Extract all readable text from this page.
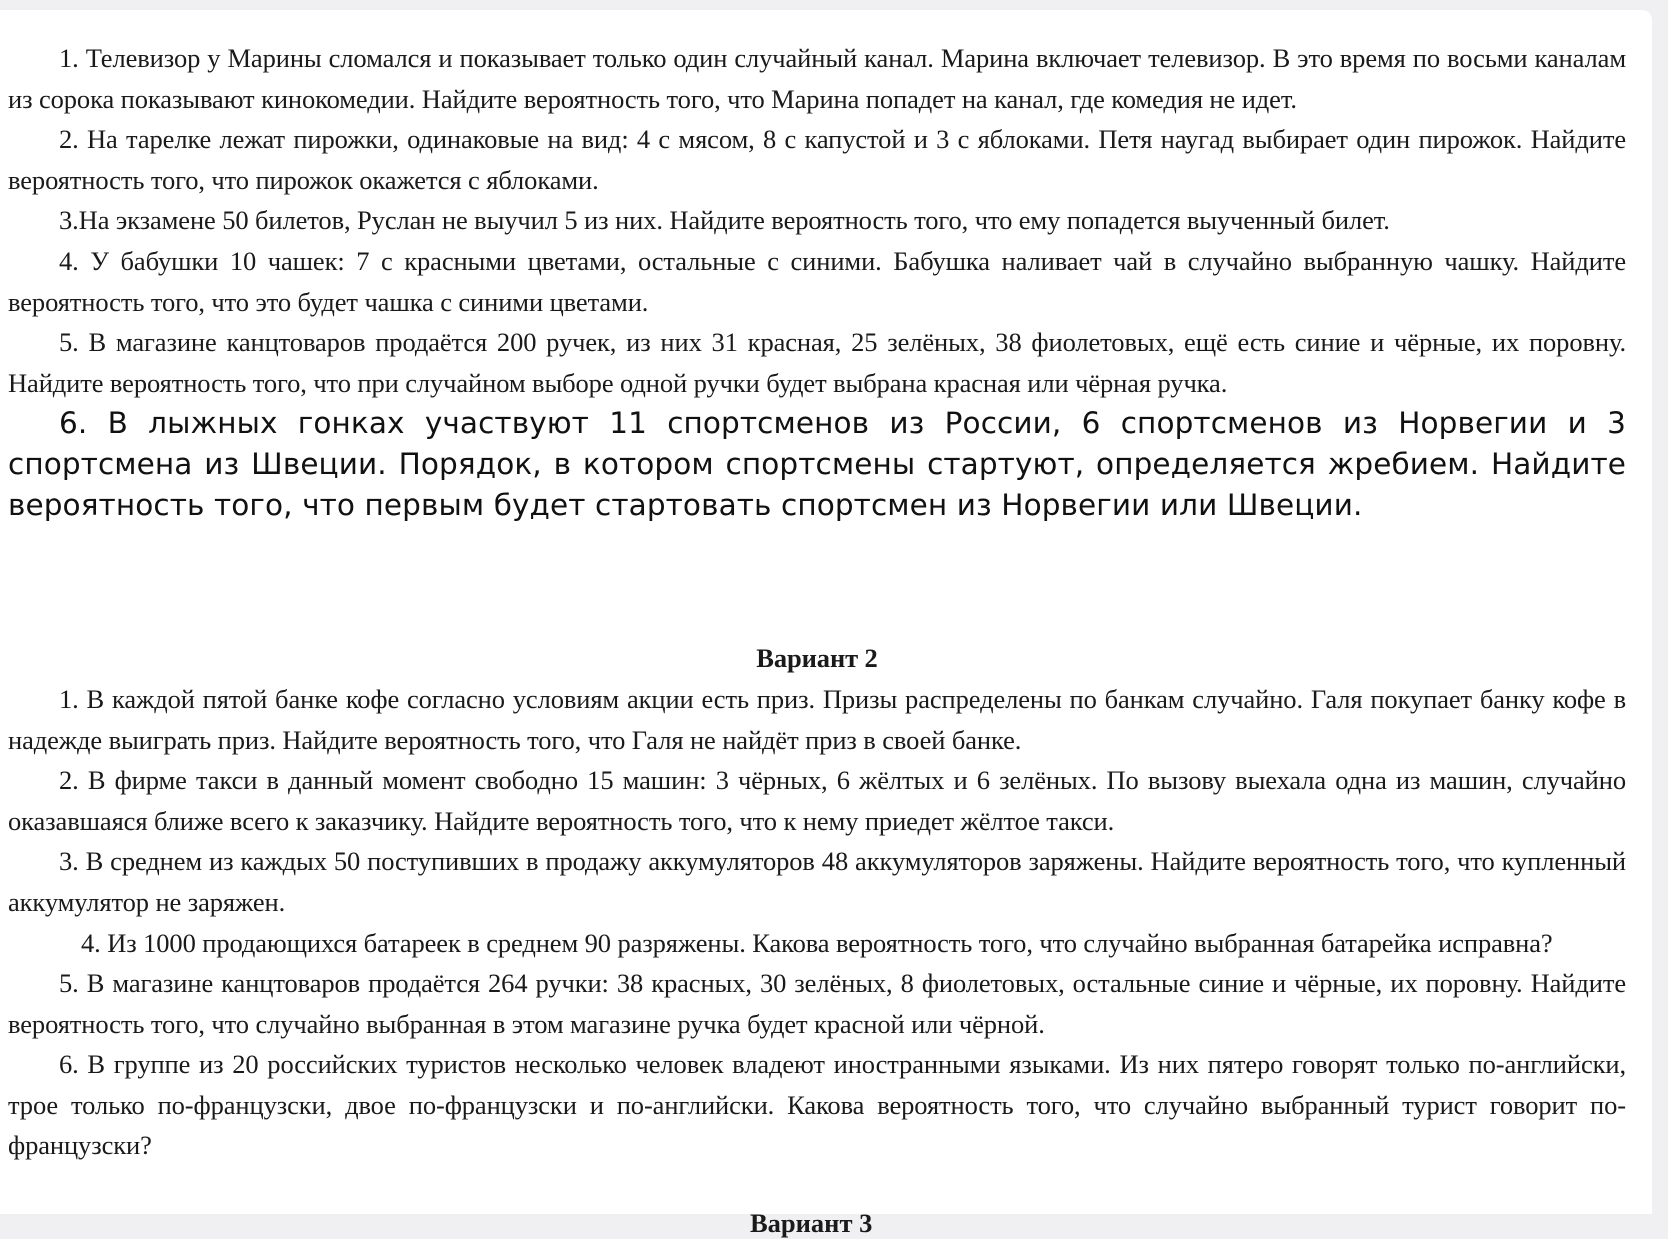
1. Телевизор у Марины сломался и показывает только один случайный канал. Марина включает телевизор. В это время по восьми каналам из сорока показывают кинокомедии. Найдите вероятность того, что Марина попадет на канал, где комедия не идет.

2. На тарелке лежат пирожки, одинаковые на вид: 4 с мясом, 8 с капустой и 3 с яблоками. Петя наугад выбирает один пирожок. Найдите вероятность того, что пирожок окажется с яблоками.

3.На экзамене 50 билетов, Руслан не выучил 5 из них. Найдите вероятность того, что ему попадется выученный билет.

4. У бабушки 10 чашек: 7 с красными цветами, остальные с синими. Бабушка наливает чай в случайно выбранную чашку. Найдите вероятность того, что это будет чашка с синими цветами.

5. В магазине канцтоваров продаётся 200 ручек, из них 31 красная, 25 зелёных, 38 фиолетовых, ещё есть синие и чёрные, их поровну. Найдите вероятность того, что при случайном выборе одной ручки будет выбрана красная или чёрная ручка.

6. В лыжных гонках участвуют 11 спортсменов из России, 6 спортсменов из Норвегии и 3 спортсмена из Швеции. Порядок, в котором спортсмены стартуют, определяется жребием. Найдите вероятность того, что первым будет стартовать спортсмен из Норвегии или Швеции.

Вариант 2

1. В каждой пятой банке кофе согласно условиям акции есть приз. Призы распределены по банкам случайно. Галя покупает банку кофе в надежде выиграть приз. Найдите вероятность того, что Галя не найдёт приз в своей банке.

2. В фирме такси в данный момент свободно 15 машин: 3 чёрных, 6 жёлтых и 6 зелёных. По вызову выехала одна из машин, случайно оказавшаяся ближе всего к заказчику. Найдите вероятность того, что к нему приедет жёлтое такси.

3. В среднем из каждых 50 поступивших в продажу аккумуляторов 48 аккумуляторов заряжены. Найдите вероятность того, что купленный аккумулятор не заряжен.

4. Из 1000 продающихся батареек в среднем 90 разряжены. Какова вероятность того, что случайно выбранная батарейка исправна?

5. В магазине канцтоваров продаётся 264 ручки: 38 красных, 30 зелёных, 8 фиолетовых, остальные синие и чёрные, их поровну. Найдите вероятность того, что случайно выбранная в этом магазине ручка будет красной или чёрной.

6. В группе из 20 российских туристов несколько человек владеют иностранными языками. Из них пятеро говорят только по-английски, трое только по-французски, двое по-французски и по-английски. Какова вероятность того, что случайно выбранный турист говорит по-французски?

Вариант 3
